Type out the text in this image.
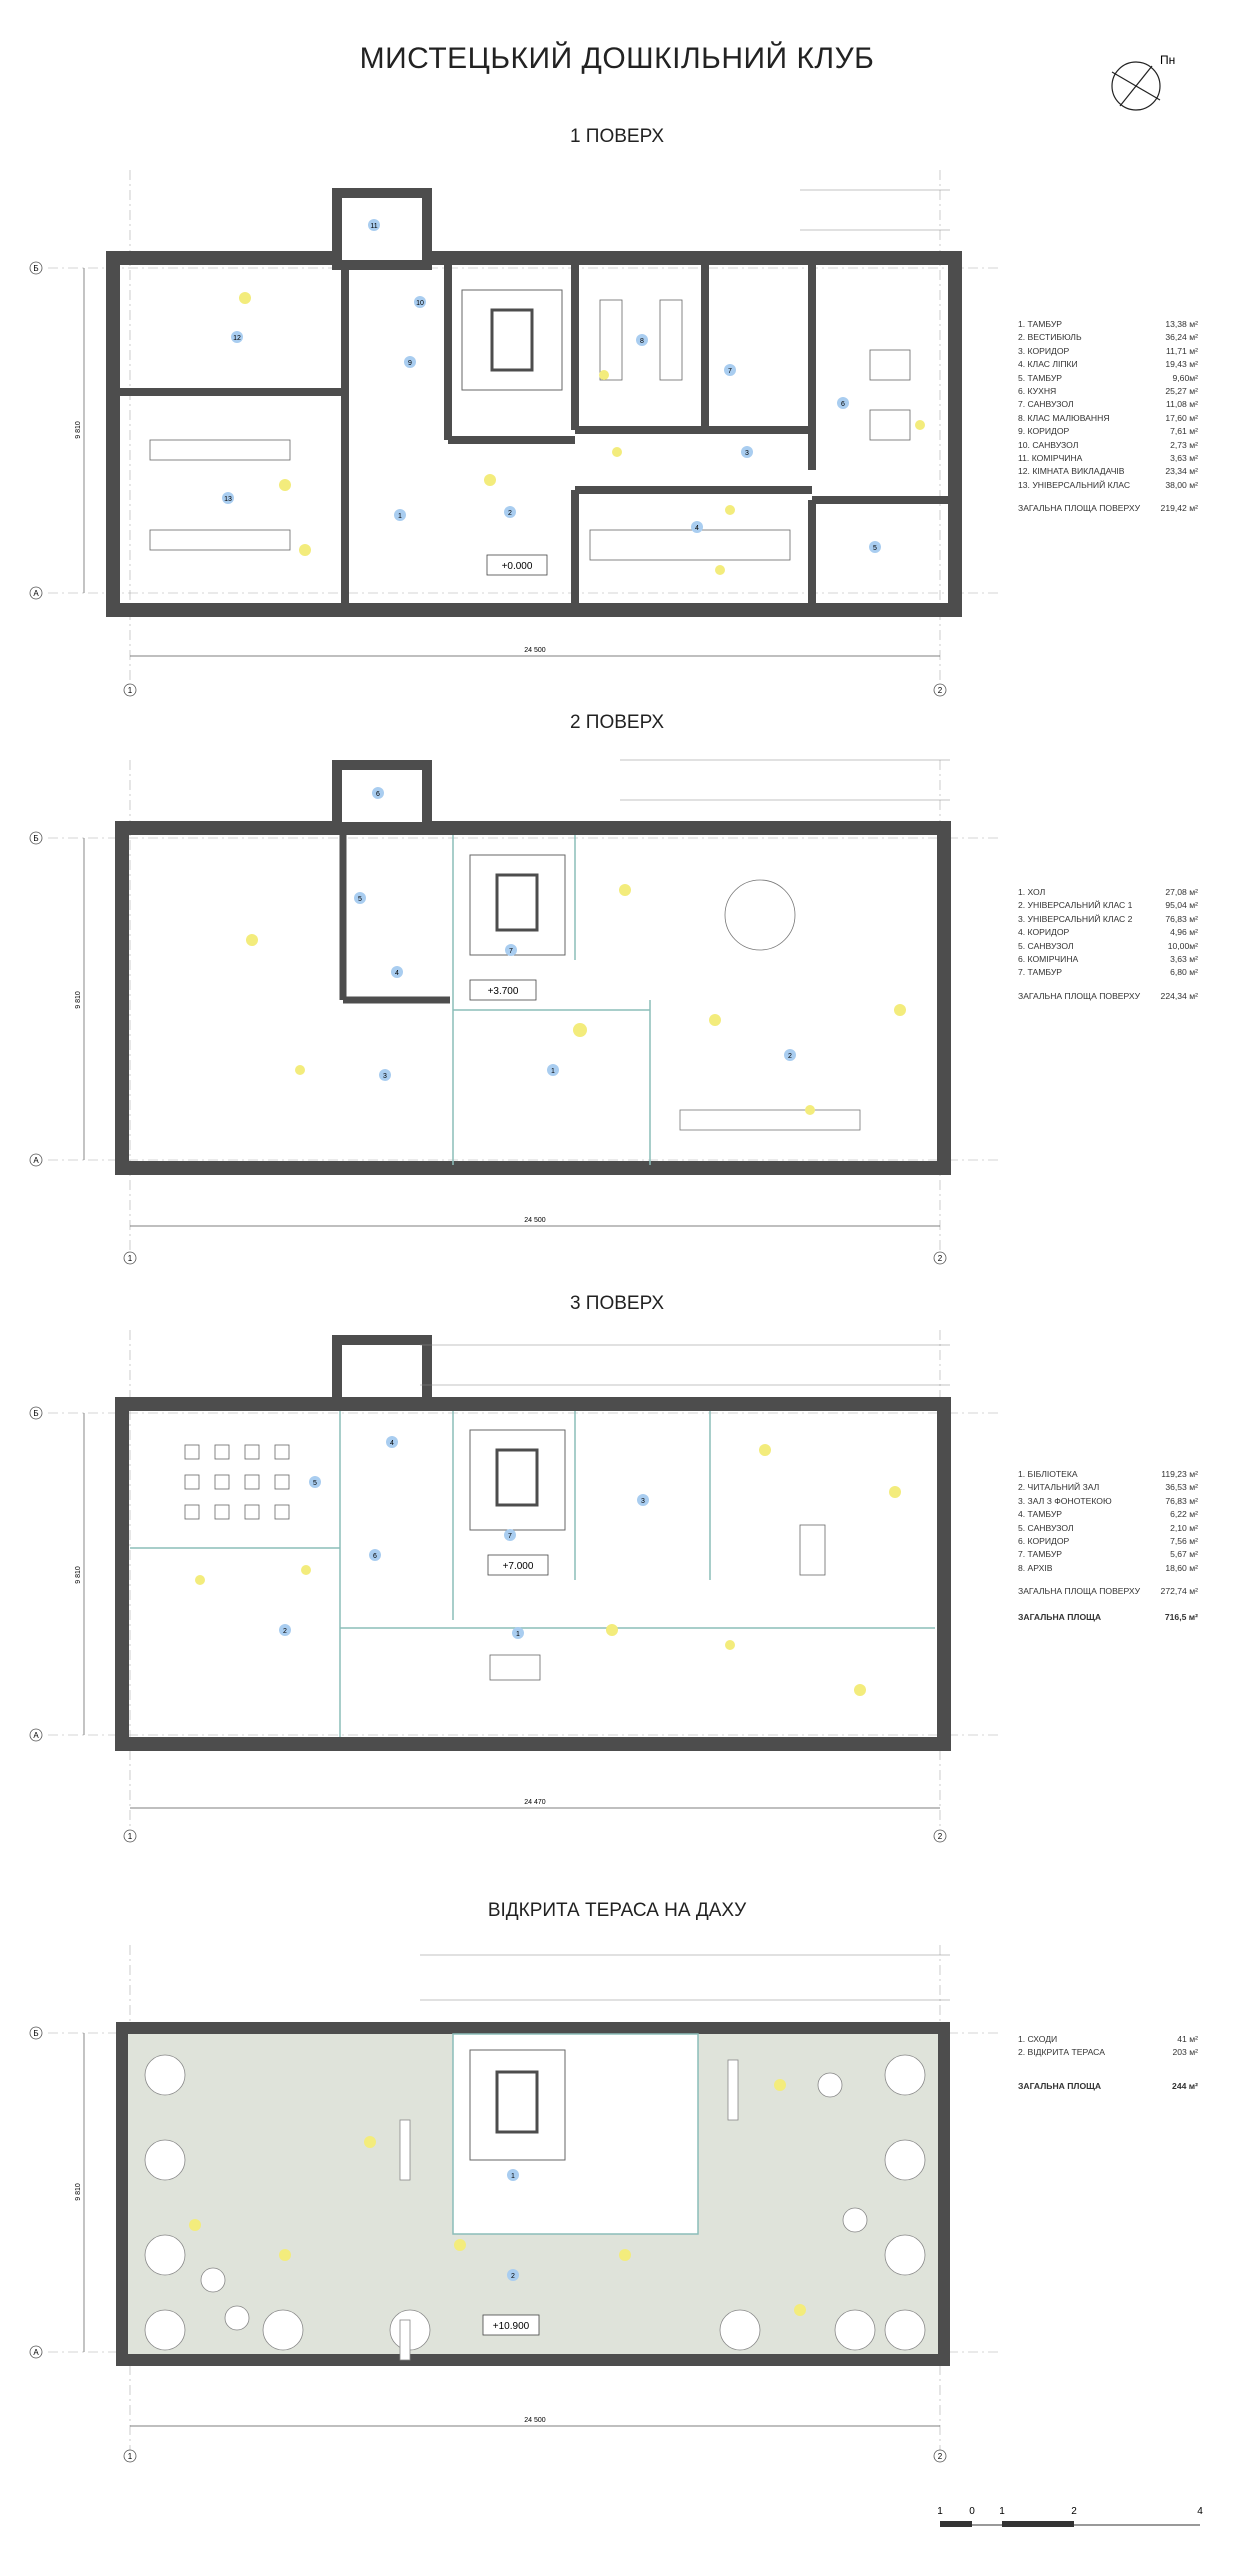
МИСТЕЦЬКИЙ ДОШКІЛЬНИЙ КЛУБ
1 ПОВЕРХ
2 ПОВЕРХ
3 ПОВЕРХ
ВІДКРИТА ТЕРАСА НА ДАХУ
Пн
Б
А
1	2
24 500
9 810
+0.000
12
13
1	2
3
4
5
6
7
8
9
10
11
Б
А
1	2
24 500
9 810	+3.700
1
2
3
4
5
6
7
Б
А
1	2
24 470
9 810	+7.000
1
2
3
4
5
6
7
Б
А
1	2
24 500
9 810
+10.900
1
2
1	0 1	2	4
1. ТАМБУР	13,38 м²
2. ВЕСТИБЮЛЬ	36,24 м²
3. КОРИДОР	11,71 м²
4. КЛАС ЛІПКИ	19,43 м²
5. ТАМБУР	9,60м²
6. КУХНЯ	25,27 м²
7. САНВУЗОЛ	11,08 м²
8. КЛАС МАЛЮВАННЯ	17,60 м²
9. КОРИДОР	7,61 м²
10. САНВУЗОЛ	2,73 м²
11. КОМІРЧИНА	3,63 м²
12. КІМНАТА ВИКЛАДАЧІВ	23,34 м²
13. УНІВЕРСАЛЬНИЙ КЛАС	38,00 м²
ЗАГАЛЬНА ПЛОЩА ПОВЕРХУ 219,42 м²
1. ХОЛ	27,08 м²
2. УНІВЕРСАЛЬНИЙ КЛАС 1	95,04 м²
3. УНІВЕРСАЛЬНИЙ КЛАС 2	76,83 м²
4. КОРИДОР	4,96 м²
5. САНВУЗОЛ	10,00м²
6. КОМІРЧИНА	3,63 м²
7. ТАМБУР	6,80 м²
ЗАГАЛЬНА ПЛОЩА ПОВЕРХУ 224,34 м²
1. БІБЛІОТЕКА	119,23 м²
2. ЧИТАЛЬНИЙ ЗАЛ	36,53 м²
3. ЗАЛ З ФОНОТЕКОЮ	76,83 м²
4. ТАМБУР	6,22 м²
5. САНВУЗОЛ	2,10 м²
6. КОРИДОР	7,56 м²
7. ТАМБУР	5,67 м²
8. АРХІВ	18,60 м²
ЗАГАЛЬНА ПЛОЩА ПОВЕРХУ 272,74 м²
ЗАГАЛЬНА ПЛОЩА	716,5 м²
1. СХОДИ	41 м²
2. ВІДКРИТА ТЕРАСА	203 м²
ЗАГАЛЬНА ПЛОЩА	244 м²
